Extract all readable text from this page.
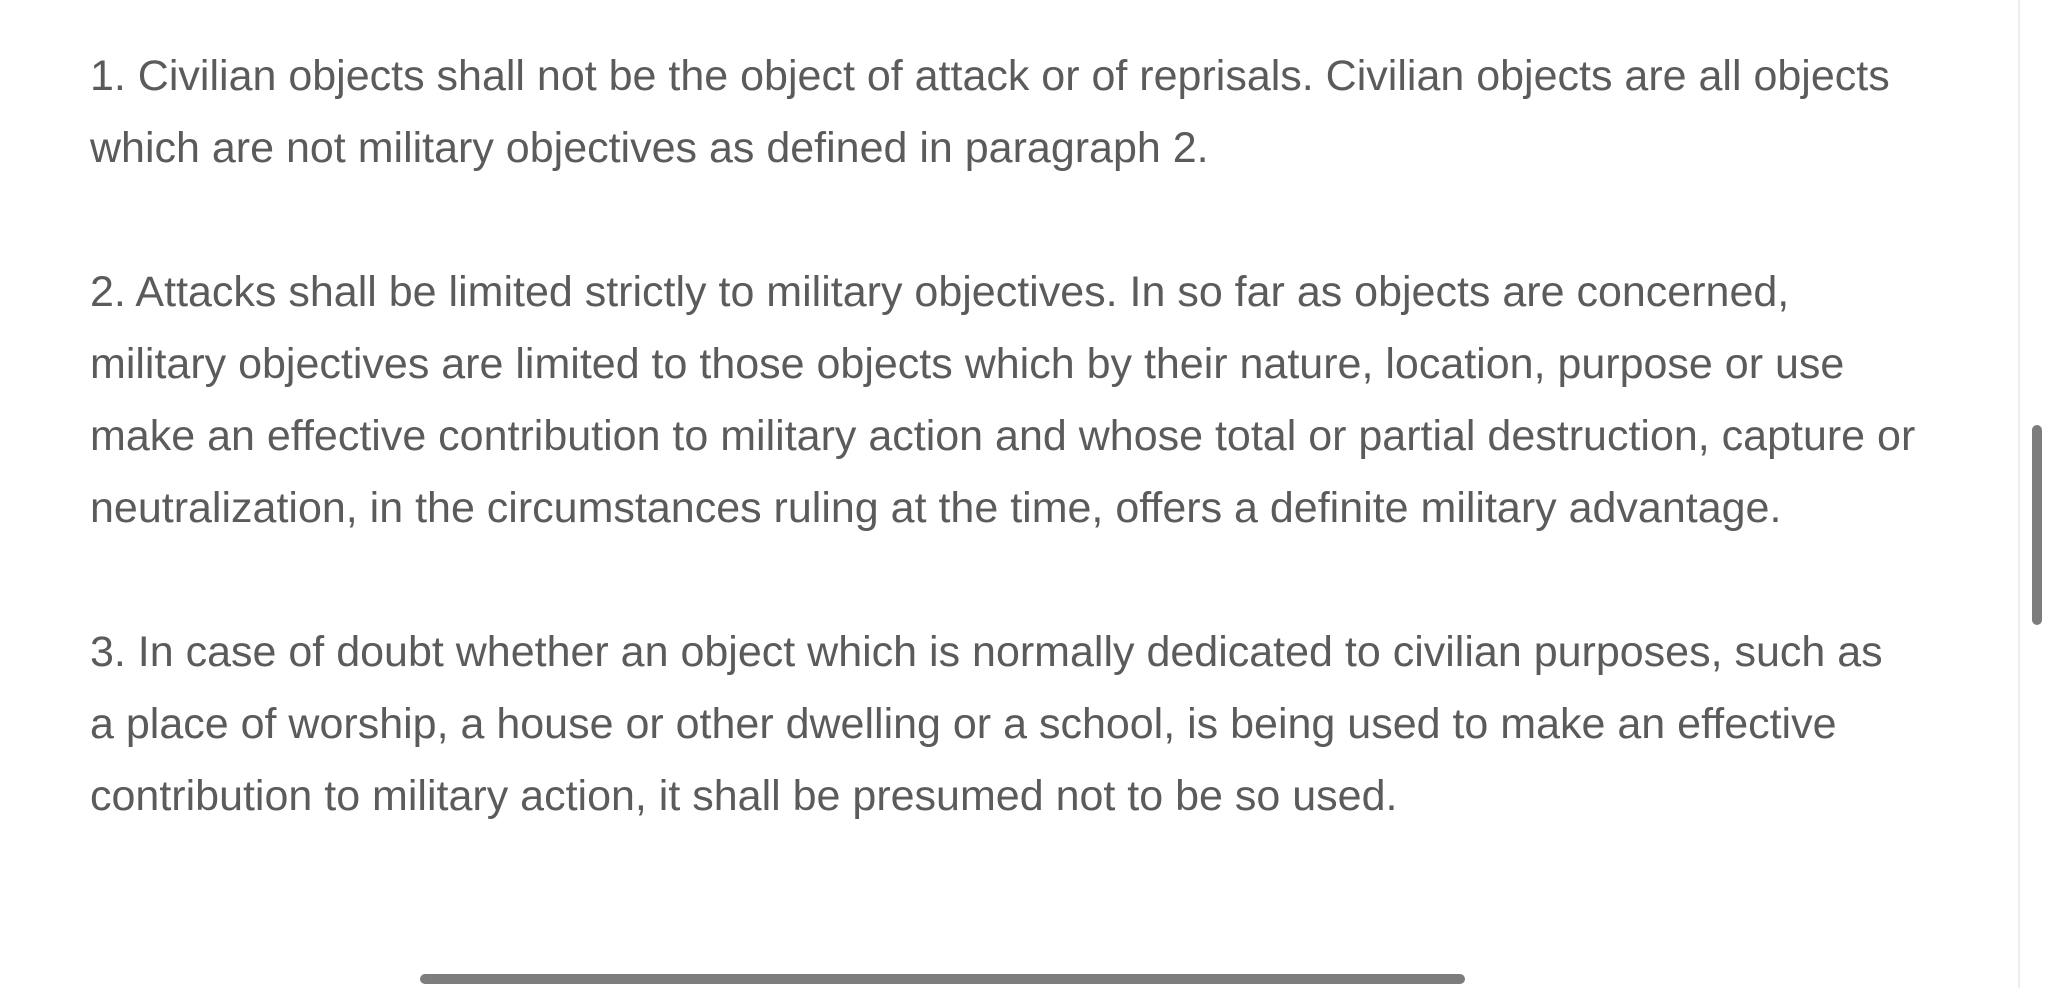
1. Civilian objects shall not be the object of attack or of reprisals. Civilian objects are all objects
which are not military objectives as defined in paragraph 2.

2. Attacks shall be limited strictly to military objectives. In so far as objects are concerned,
military objectives are limited to those objects which by their nature, location, purpose or use
make an effective contribution to military action and whose total or partial destruction, capture or
neutralization, in the circumstances ruling at the time, offers a definite military advantage.

3. In case of doubt whether an object which is normally dedicated to civilian purposes, such as
a place of worship, a house or other dwelling or a school, is being used to make an effective
contribution to military action, it shall be presumed not to be so used.
